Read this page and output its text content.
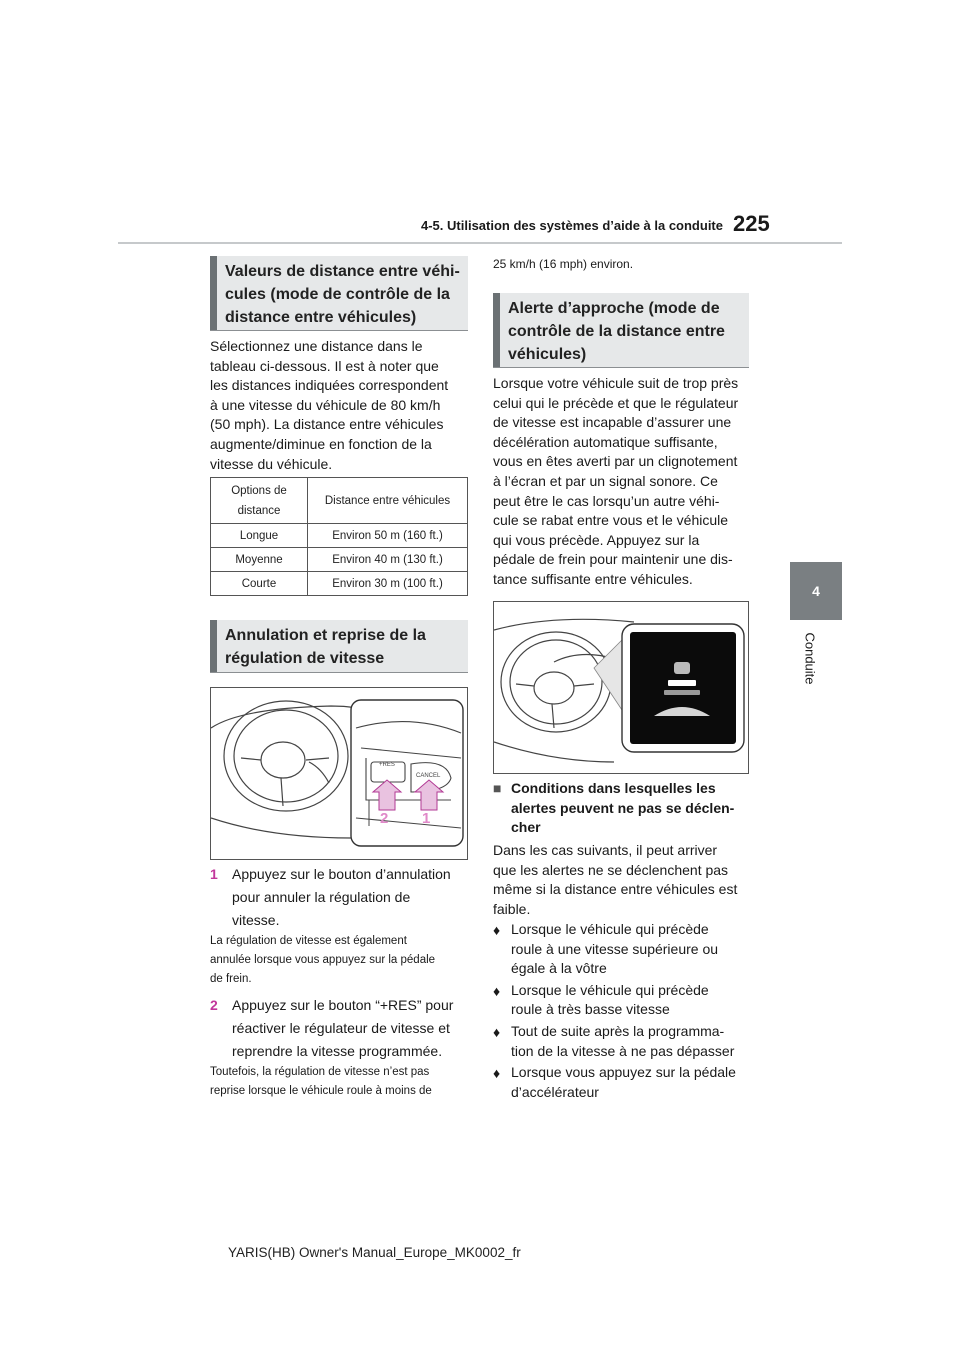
4-5. Utilisation des systèmes d’aide à la conduite 225
4
Conduite
Valeurs de distance entre véhi-
cules (mode de contrôle de la
distance entre véhicules)
Sélectionnez une distance dans le
tableau ci-dessous. Il est à noter que
les distances indiquées correspondent
à une vitesse du véhicule de 80 km/h
(50 mph). La distance entre véhicules
augmente/diminue en fonction de la
vitesse du véhicule.
Options de
distance	Distance entre véhicules

Longue	Environ 50 m (160 ft.)
Moyenne	Environ 40 m (130 ft.)
Courte	Environ 30 m (100 ft.)
Annulation et reprise de la
régulation de vitesse
+RES
CANCEL
2 1
1	Appuyez sur le bouton d’annulation
pour annuler la régulation de
vitesse.
La régulation de vitesse est également
annulée lorsque vous appuyez sur la pédale
de frein.
2	Appuyez sur le bouton “+RES” pour
réactiver le régulateur de vitesse et
reprendre la vitesse programmée.
Toutefois, la régulation de vitesse n’est pas
reprise lorsque le véhicule roule à moins de
25 km/h (16 mph) environ.
Alerte d’approche (mode de
contrôle de la distance entre
véhicules)
Lorsque votre véhicule suit de trop près
celui qui le précède et que le régulateur
de vitesse est incapable d’assurer une
décélération automatique suffisante,
vous en êtes averti par un clignotement
à l’écran et par un signal sonore. Ce
peut être le cas lorsqu’un autre véhi-
cule se rabat entre vous et le véhicule
qui vous précède. Appuyez sur la
pédale de frein pour maintenir une dis-
tance suffisante entre véhicules.
■ Conditions dans lesquelles les
alertes peuvent ne pas se déclen-
cher
Dans les cas suivants, il peut arriver
que les alertes ne se déclenchent pas
même si la distance entre véhicules est
faible.
♦ Lorsque le véhicule qui précède
roule à une vitesse supérieure ou
égale à la vôtre
♦ Lorsque le véhicule qui précède
roule à très basse vitesse
♦ Tout de suite après la programma-
tion de la vitesse à ne pas dépasser
♦ Lorsque vous appuyez sur la pédale
d’accélérateur
YARIS(HB) Owner's Manual_Europe_MK0002_fr
